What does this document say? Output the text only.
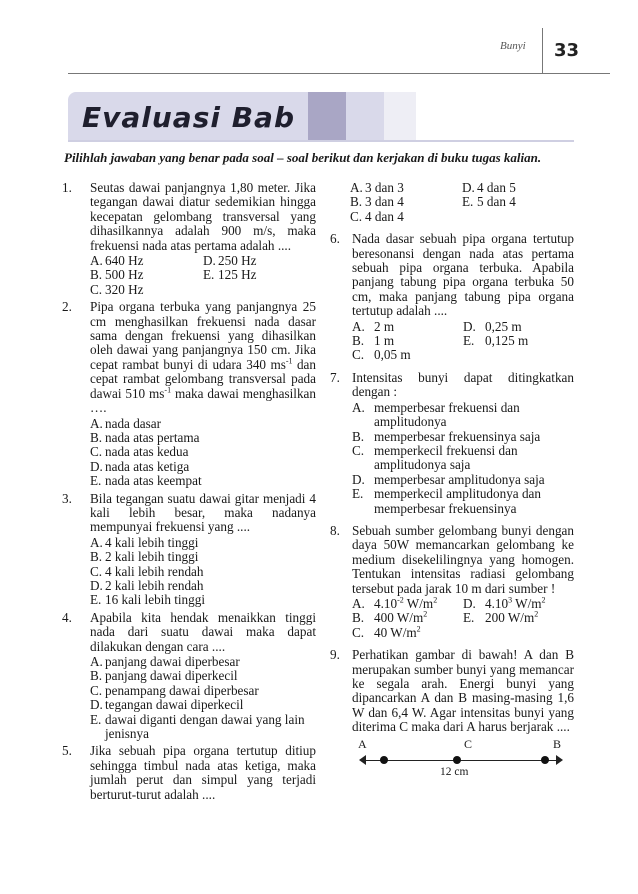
Bunyi 33
Evaluasi Bab
Pilihlah jawaban yang benar pada soal – soal berikut dan kerjakan di buku tugas kalian.
1. Seutas dawai panjangnya 1,80 meter. Jika tegangan dawai diatur sedemikian hingga kecepatan gelombang transversal yang dihasilkannya adalah 900 m/s, maka frekuensi nada atas pertama adalah ....
A. 640 Hz	D. 250 Hz
B. 500 Hz	E. 125 Hz
C. 320 Hz
2. Pipa organa terbuka yang panjangnya 25 cm menghasilkan frekuensi nada dasar sama dengan frekuensi yang dihasilkan oleh dawai yang panjangnya 150 cm. Jika cepat rambat bunyi di udara 340 $ms^{-1}$ dan cepat rambat gelombang transversal pada dawai 510 $ms^{-1}$ maka dawai menghasilkan ….
A. nada dasar
B. nada atas pertama
C. nada atas kedua
D. nada atas ketiga
E. nada atas keempat
3. Bila tegangan suatu dawai gitar menjadi 4 kali lebih besar, maka nadanya mempunyai frekuensi yang ....
A. 4 kali lebih tinggi
B. 2 kali lebih tinggi
C. 4 kali lebih rendah
D. 2 kali lebih rendah
E. 16 kali lebih tinggi
4. Apabila kita hendak menaikkan tinggi nada dari suatu dawai maka dapat dilakukan dengan cara ....
A. panjang dawai diperbesar
B. panjang dawai diperkecil
C. penampang dawai diperbesar
D. tegangan dawai diperkecil
E. dawai diganti dengan dawai yang lain jenisnya
5. Jika sebuah pipa organa tertutup ditiup sehingga timbul nada atas ketiga, maka jumlah perut dan simpul yang terjadi berturut-turut adalah ....
A. 3 dan 3	D. 4 dan 5
B. 3 dan 4	E. 5 dan 4
C. 4 dan 4
6. Nada dasar sebuah pipa organa tertutup beresonansi dengan nada atas pertama sebuah pipa organa terbuka. Apabila panjang tabung pipa organa terbuka 50 cm, maka panjang tabung pipa organa tertutup adalah ....
A. 2 m	D. 0,25 m
B. 1 m	E. 0,125 m
C. 0,05 m
7. Intensitas bunyi dapat ditingkatkan dengan :
A. memperbesar frekuensi dan amplitudonya
B. memperbesar frekuensinya saja
C. memperkecil frekuensi dan amplitudonya saja
D. memperbesar amplitudonya saja
E. memperkecil amplitudonya dan memperbesar frekuensinya
8. Sebuah sumber gelombang bunyi dengan daya 50W memancarkan gelombang ke medium disekelilingnya yang homogen. Tentukan intensitas radiasi gelombang tersebut pada jarak 10 m dari sumber !
A. $4.10^{-2}$ $W/m^2$	D. 4.10$^3$ $W/m^2$
B. 400 $W/m^2$	E. 200 $W/m^2$
C. 40 $W/m^2$
9. Perhatikan gambar di bawah! A dan B merupakan sumber bunyi yang memancar ke segala arah. Energi bunyi yang dipancarkan A dan B masing-masing 1,6 W dan 6,4 W. Agar intensitas bunyi yang diterima C maka dari A harus berjarak ....
A	C	B
12 cm
